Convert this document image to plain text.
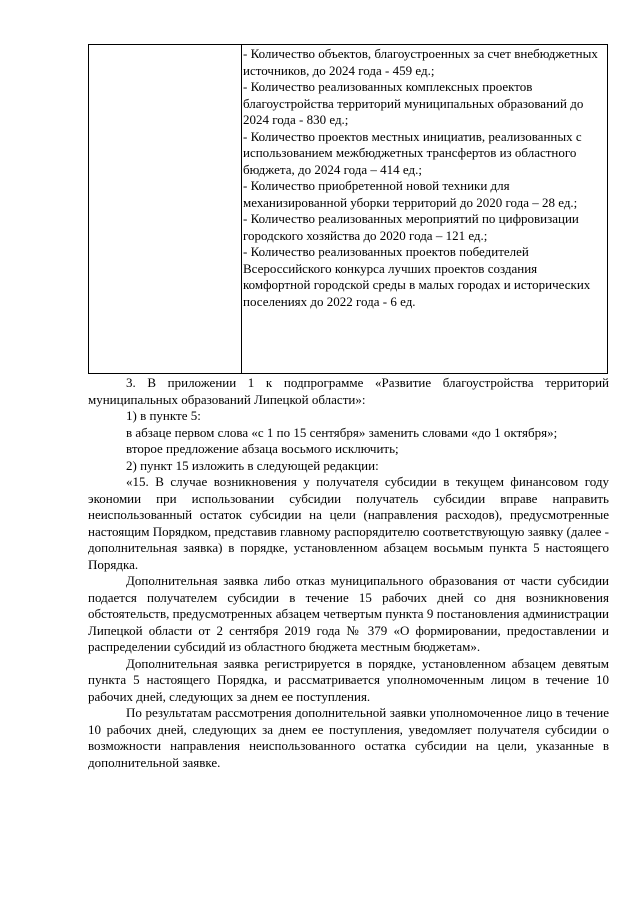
- Количество объектов, благоустроенных за счет внебюджетных источников, до 2024 года - 459 ед.;

- Количество реализованных комплексных проектов благоустройства территорий муниципальных образований до 2024 года - 830 ед.;

- Количество проектов местных инициатив, реализованных с использованием межбюджетных трансфертов из областного бюджета, до 2024 года – 414 ед.;

- Количество приобретенной новой техники для механизированной уборки территорий до 2020 года – 28 ед.;

- Количество реализованных мероприятий по цифровизации городского хозяйства до 2020 года – 121 ед.;

- Количество реализованных проектов победителей Всероссийского конкурса лучших проектов создания комфортной городской среды в малых городах и исторических поселениях до 2022 года - 6 ед.

3. В приложении 1 к подпрограмме «Развитие благоустройства территорий муниципальных образований Липецкой области»:

1) в пункте 5:

в абзаце первом слова «с 1 по 15 сентября» заменить словами «до 1 октября»;

второе предложение абзаца восьмого исключить;

2) пункт 15 изложить в следующей редакции:

«15. В случае возникновения у получателя субсидии в текущем финансовом году экономии при использовании субсидии получатель субсидии вправе направить неиспользованный остаток субсидии на цели (направления расходов), предусмотренные настоящим Порядком, представив главному распорядителю соответствующую заявку (далее - дополнительная заявка) в порядке, установленном абзацем восьмым пункта 5 настоящего Порядка.

Дополнительная заявка либо отказ муниципального образования от части субсидии подается получателем субсидии в течение 15 рабочих дней со дня возникновения обстоятельств, предусмотренных абзацем четвертым пункта 9 постановления администрации Липецкой области от 2 сентября 2019 года № 379 «О формировании, предоставлении и распределении субсидий из областного бюджета местным бюджетам».

Дополнительная заявка регистрируется в порядке, установленном абзацем девятым пункта 5 настоящего Порядка, и рассматривается уполномоченным лицом в течение 10 рабочих дней, следующих за днем ее поступления.

По результатам рассмотрения дополнительной заявки уполномоченное лицо в течение 10 рабочих дней, следующих за днем ее поступления, уведомляет получателя субсидии о возможности направления неиспользованного остатка субсидии на цели, указанные в дополнительной заявке.
